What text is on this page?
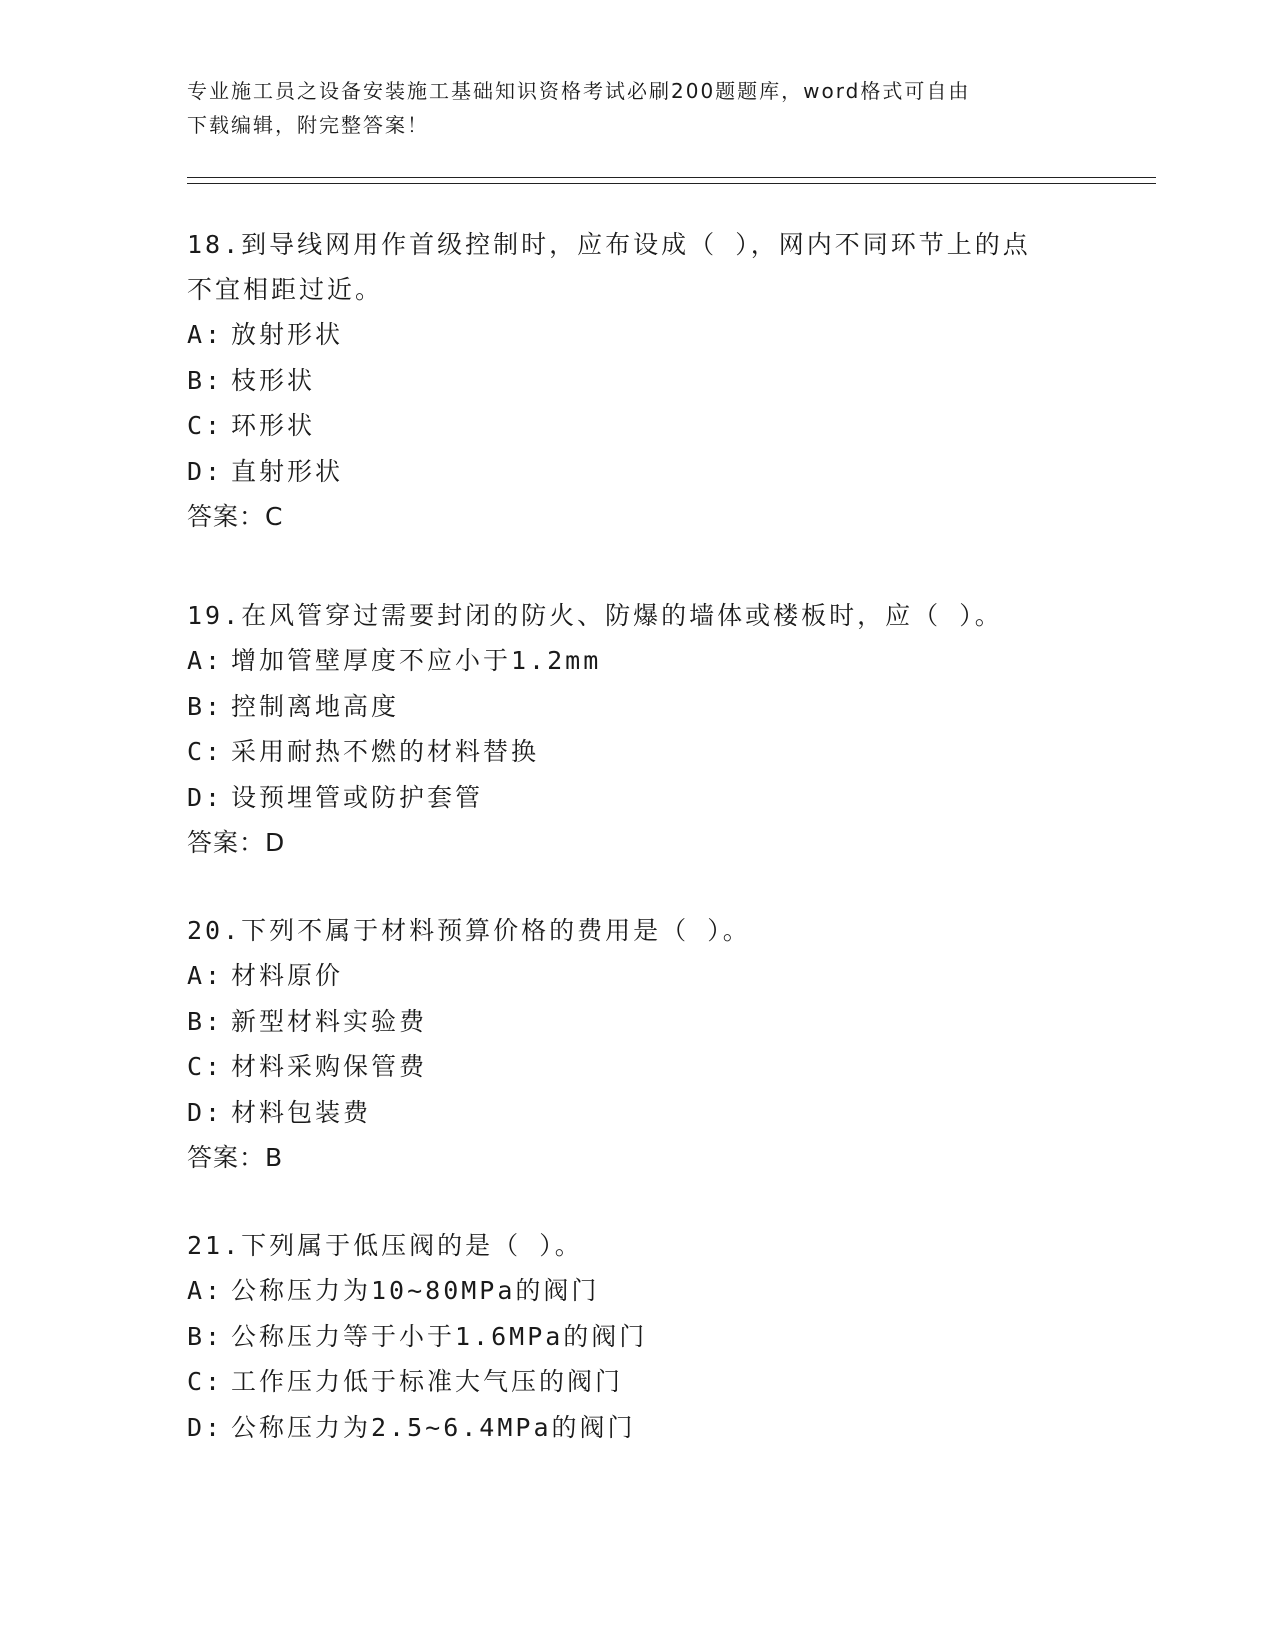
专业施工员之设备安装施工基础知识资格考试必刷200题题库，word格式可自由
下载编辑，附完整答案！
18.到导线网用作首级控制时，应布设成（ ），网内不同环节上的点
不宜相距过近。
A: 放射形状
B: 枝形状
C: 环形状
D: 直射形状
答案：C
19.在风管穿过需要封闭的防火、防爆的墙体或楼板时，应（ ）。
A: 增加管壁厚度不应小于1.2mm
B: 控制离地高度
C: 采用耐热不燃的材料替换
D: 设预埋管或防护套管
答案：D
20.下列不属于材料预算价格的费用是（ ）。
A: 材料原价
B: 新型材料实验费
C: 材料采购保管费
D: 材料包装费
答案：B
21.下列属于低压阀的是（ ）。
A: 公称压力为10~80MPa的阀门
B: 公称压力等于小于1.6MPa的阀门
C: 工作压力低于标准大气压的阀门
D: 公称压力为2.5~6.4MPa的阀门
